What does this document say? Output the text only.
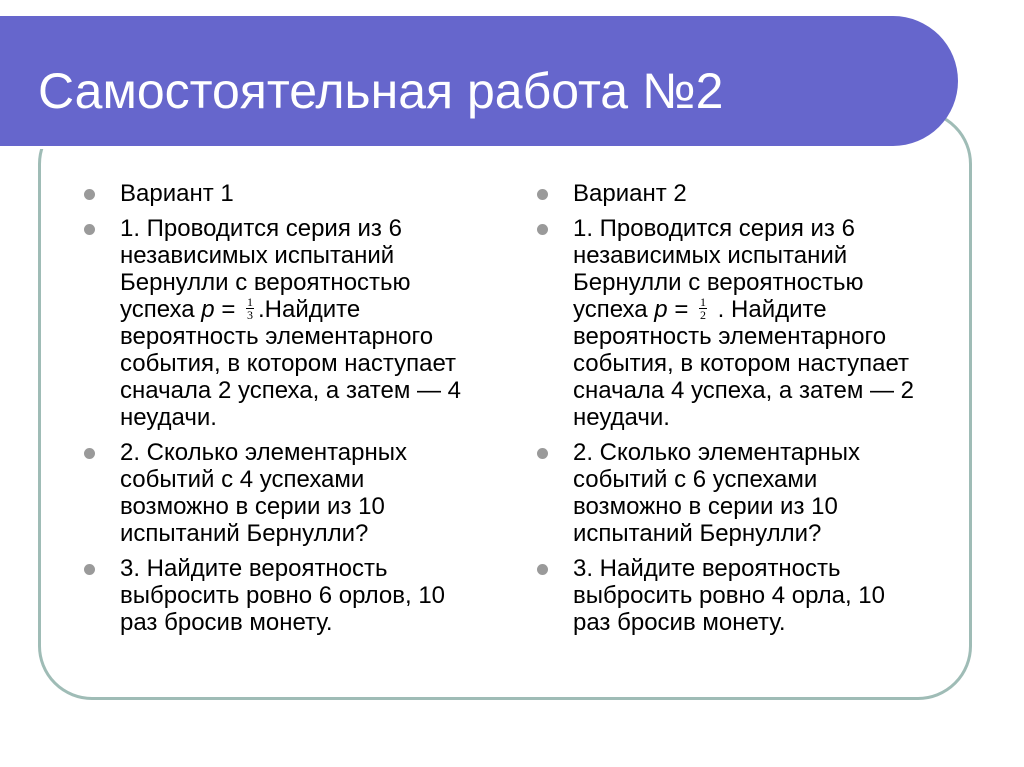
Самостоятельная работа №2
Вариант 1
1. Проводится серия из 6 независимых испытаний Бернулли с вероятностью успеха $p = \frac{1}{3}$ .Найдите вероятность элементарного события, в котором наступает сначала 2 успеха, а затем — 4 неудачи.
2. Сколько элементарных событий с 4 успехами возможно в серии из 10 испытаний Бернулли?
3. Найдите вероятность выбросить ровно 6 орлов, 10 раз бросив монету.
Вариант 2
1. Проводится серия из 6 независимых испытаний Бернулли с вероятностью успеха $p = \frac{1}{2}$ . Найдите вероятность элементарного события, в котором наступает сначала 4 успеха, а затем — 2 неудачи.
2. Сколько элементарных событий с 6 успехами возможно в серии из 10 испытаний Бернулли?
3. Найдите вероятность выбросить ровно 4 орла, 10 раз бросив монету.
